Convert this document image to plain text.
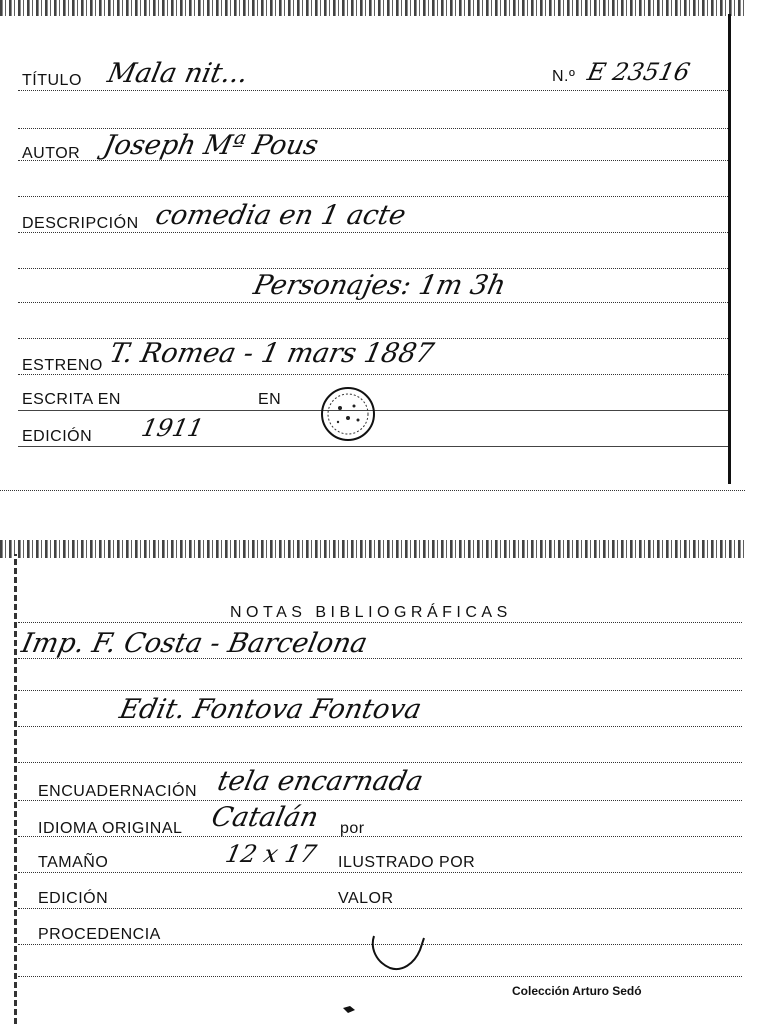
TÍTULO Mala nit...	N.º E 23516
AUTOR Joseph Mª Pous
DESCRIPCIÓN comedia en 1 acte
Personajes: 1m 3h
ESTRENO T. Romea - 1 mars 1887
ESCRITA EN	EN
EDICIÓN 1911
NOTAS BIBLIOGRÁFICAS
Imp. F. Costa - Barcelona
Edit. Fontova Fontova
ENCUADERNACIÓN tela encarnada
IDIOMA ORIGINAL Catalán por
TAMAÑO	12 x 17 ILUSTRADO POR
EDICIÓN	VALOR
PROCEDENCIA
Colección Arturo Sedó
